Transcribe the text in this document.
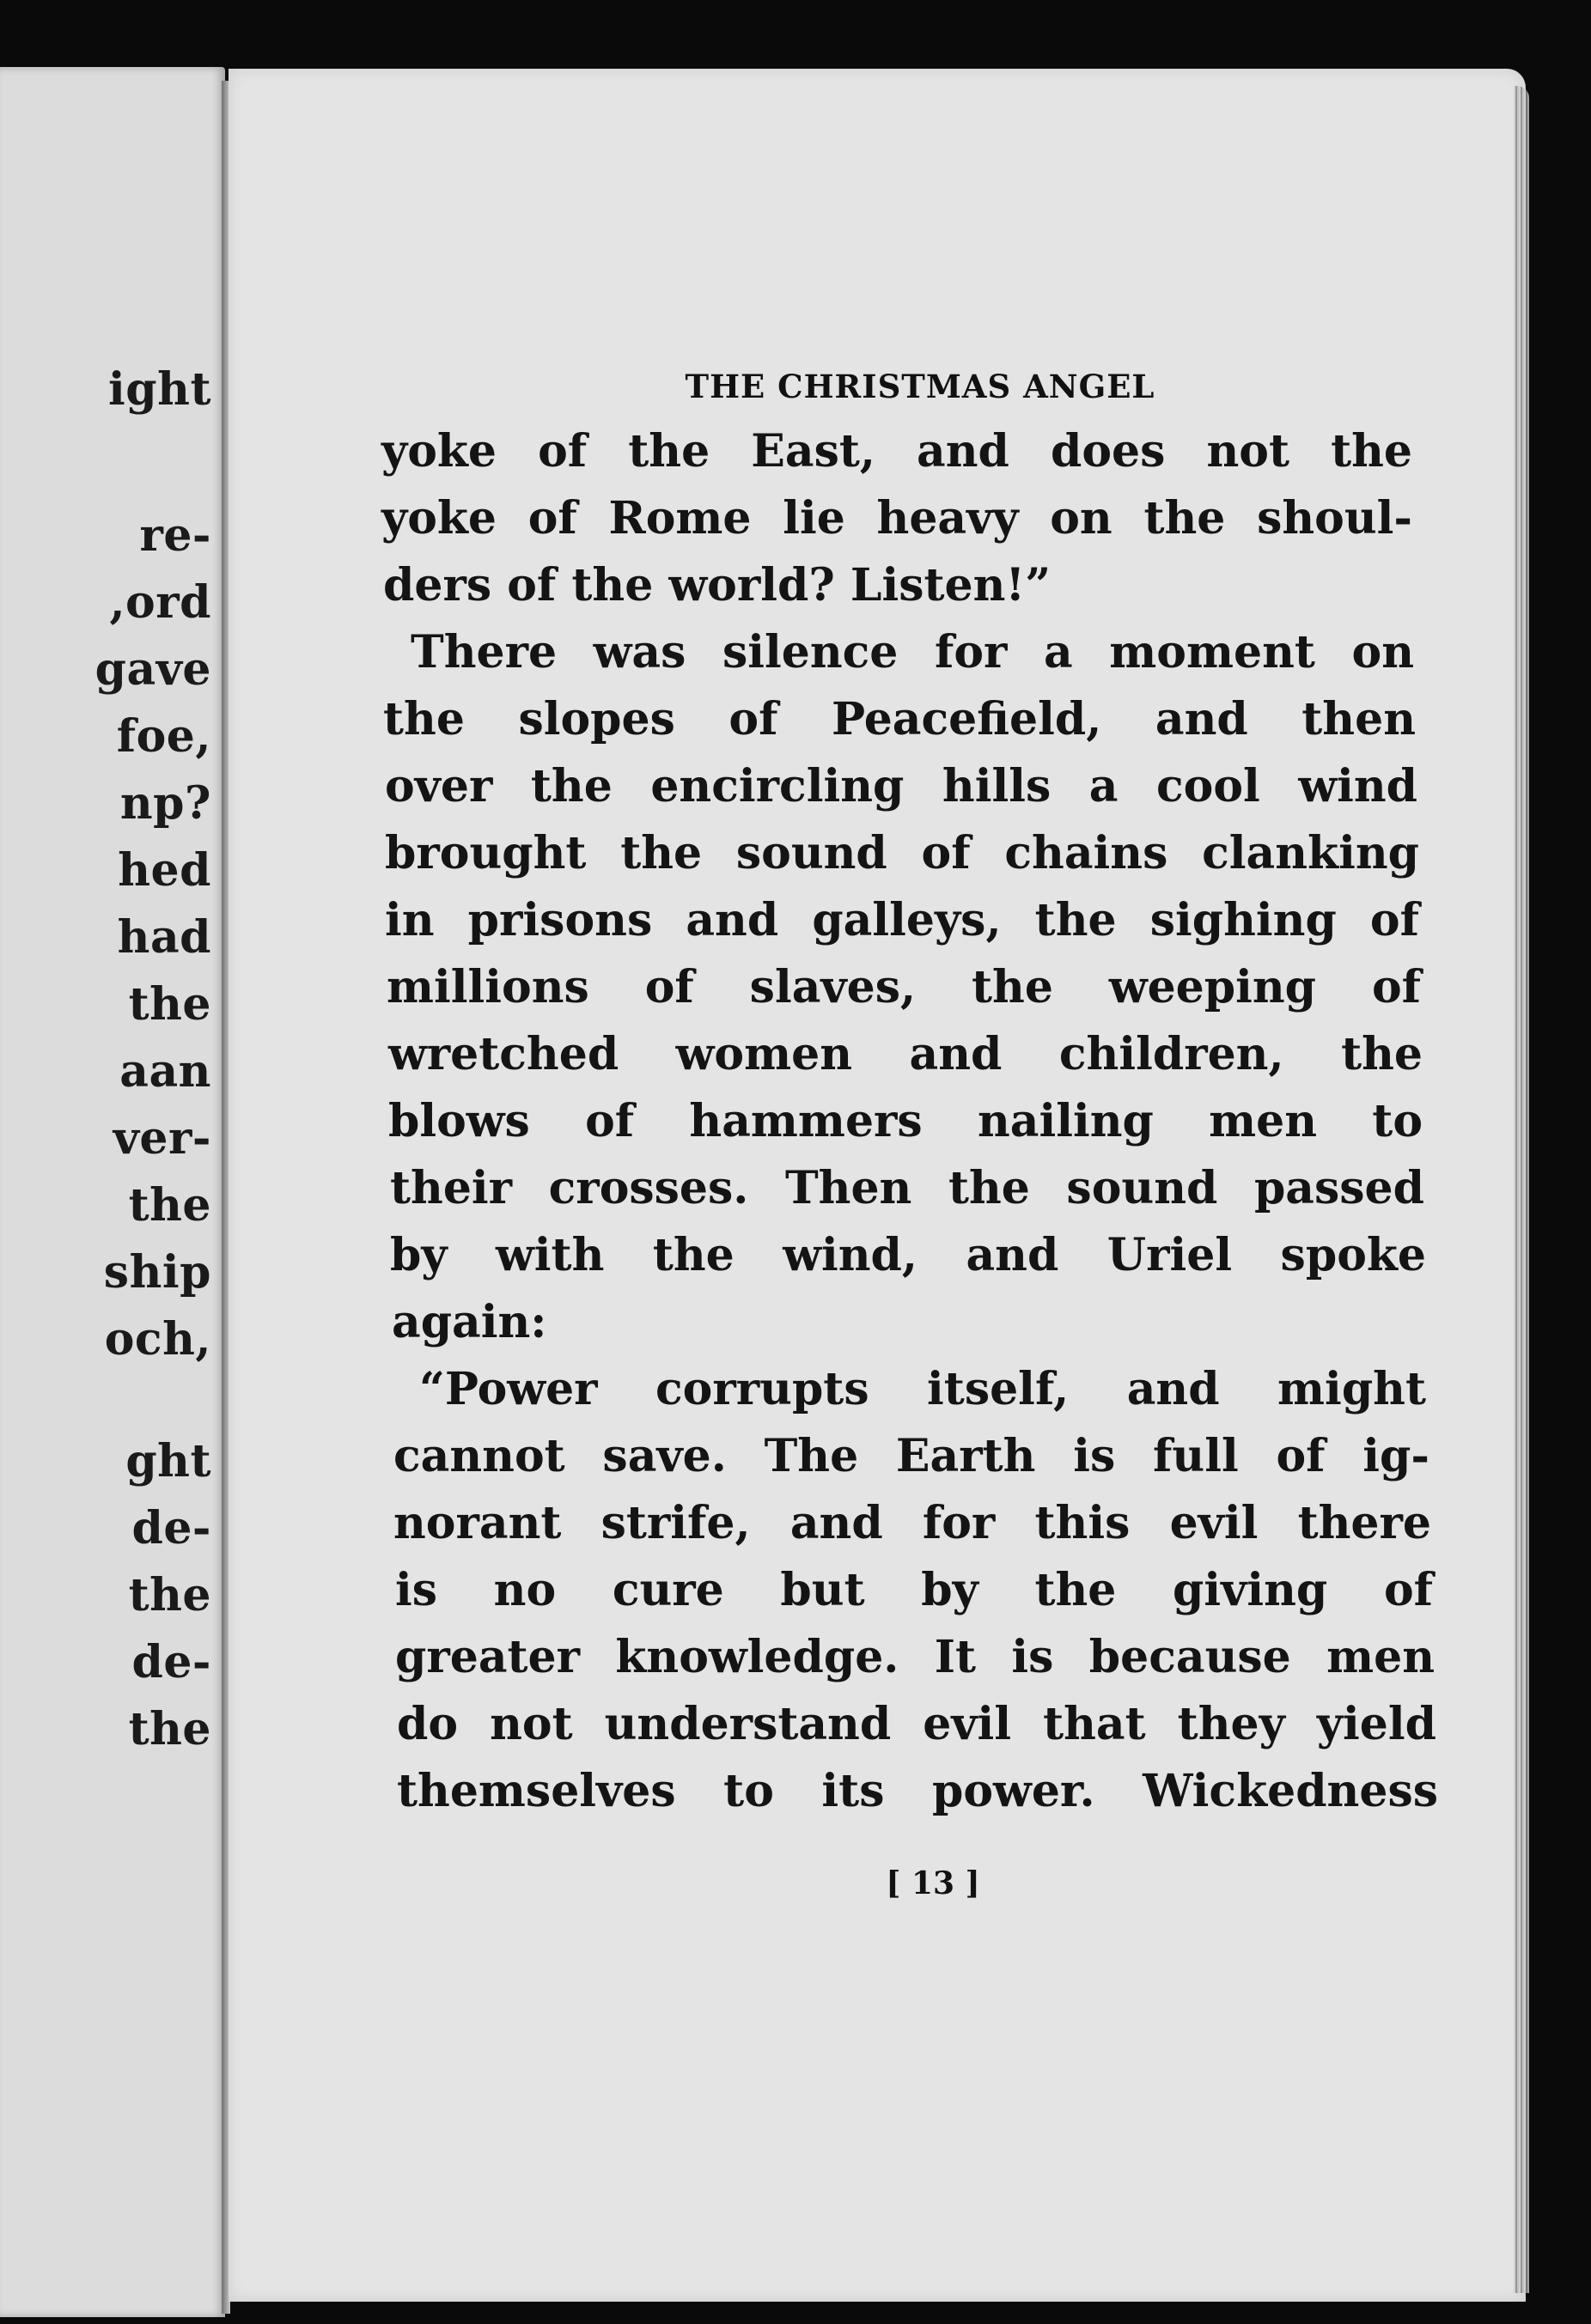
ight
re-
,ord
gave
foe,
np?
hed
had
the
aan
ver-
the
ship
och,
ght
de-
the
de-
the
THE CHRISTMAS ANGEL
yoke of the East, and does not the
yoke of Rome lie heavy on the shoul-
ders of the world? Listen!”
There was silence for a moment on
the slopes of Peacefield, and then
over the encircling hills a cool wind
brought the sound of chains clanking
in prisons and galleys, the sighing of
millions of slaves, the weeping of
wretched women and children, the
blows of hammers nailing men to
their crosses. Then the sound passed
by with the wind, and Uriel spoke
again:
“Power corrupts itself, and might
cannot save. The Earth is full of ig-
norant strife, and for this evil there
is no cure but by the giving of
greater knowledge. It is because men
do not understand evil that they yield
themselves to its power. Wickedness
[ 13 ]
